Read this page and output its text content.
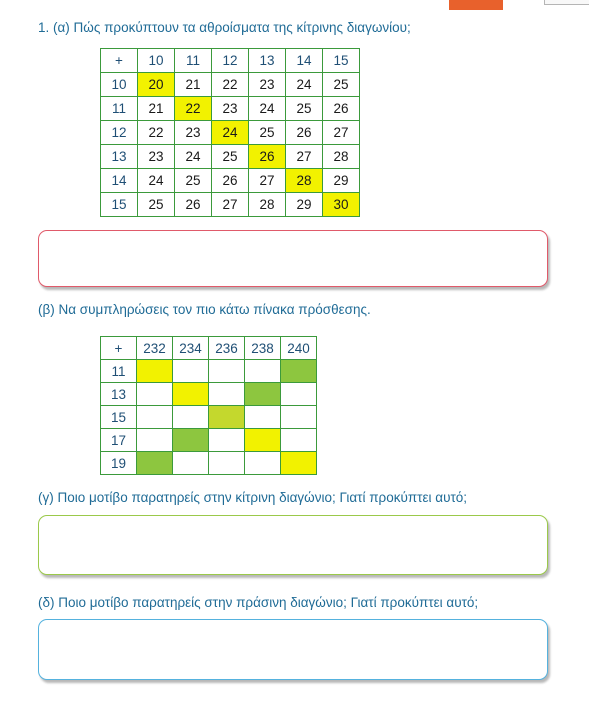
1. (α) Πώς προκύπτουν τα αθροίσματα της κίτρινης διαγωνίου;
+	10	11	12	13	14	15
10	20	21	22	23	24	25
11	21	22	23	24	25	26
12	22	23	24	25	26	27
13	23	24	25	26	27	28
14	24	25	26	27	28	29
15	25	26	27	28	29	30
(β) Να συμπληρώσεις τον πιο κάτω πίνακα πρόσθεσης.
+	232	234	236	238	240
11					
13					
15					
17					
19					
(γ) Ποιο μοτίβο παρατηρείς στην κίτρινη διαγώνιο; Γιατί προκύπτει αυτό;
(δ) Ποιο μοτίβο παρατηρείς στην πράσινη διαγώνιο; Γιατί προκύπτει αυτό;
